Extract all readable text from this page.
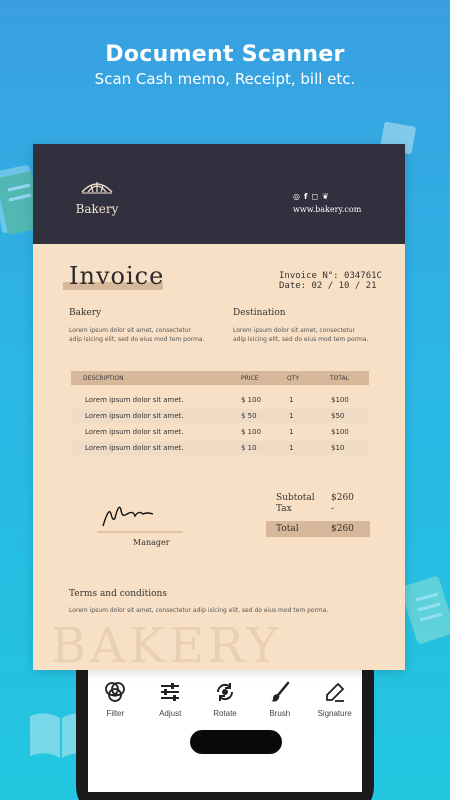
Document Scanner
Scan Cash memo, Receipt, bill etc.
Filter	Adjust	Rotate	Brush	Signature
Bakery
◎ f ◻ ❦
www.bakery.com
Invoice	Invoice N°: 034761C
Date: 02 / 10 / 21
Bakery
Lorem ipsum dolor sit amet, consectetur
adip isicing elit, sed do eius mod tem porma.
Destination
Lorem ipsum dolor sit amet, consectetur
adip isicing elit, sed do eius mod tem porma.
DESCRIPTION	PRICE	QTY	TOTAL
Lorem ipsum dolor sit amet.	$ 100	1	$100
Lorem ipsum dolor sit amet.	$ 50	1	$50
Lorem ipsum dolor sit amet.	$ 100	1	$100
Lorem ipsum dolor sit amet.	$ 10	1	$10
Manager
Subtotal $260
Tax	-
Total	$260
Terms and conditions
Lorem ipsum dolor sit amet, consectetur adip isicing elit, sed do eius mod tem porma.
BAKERY
